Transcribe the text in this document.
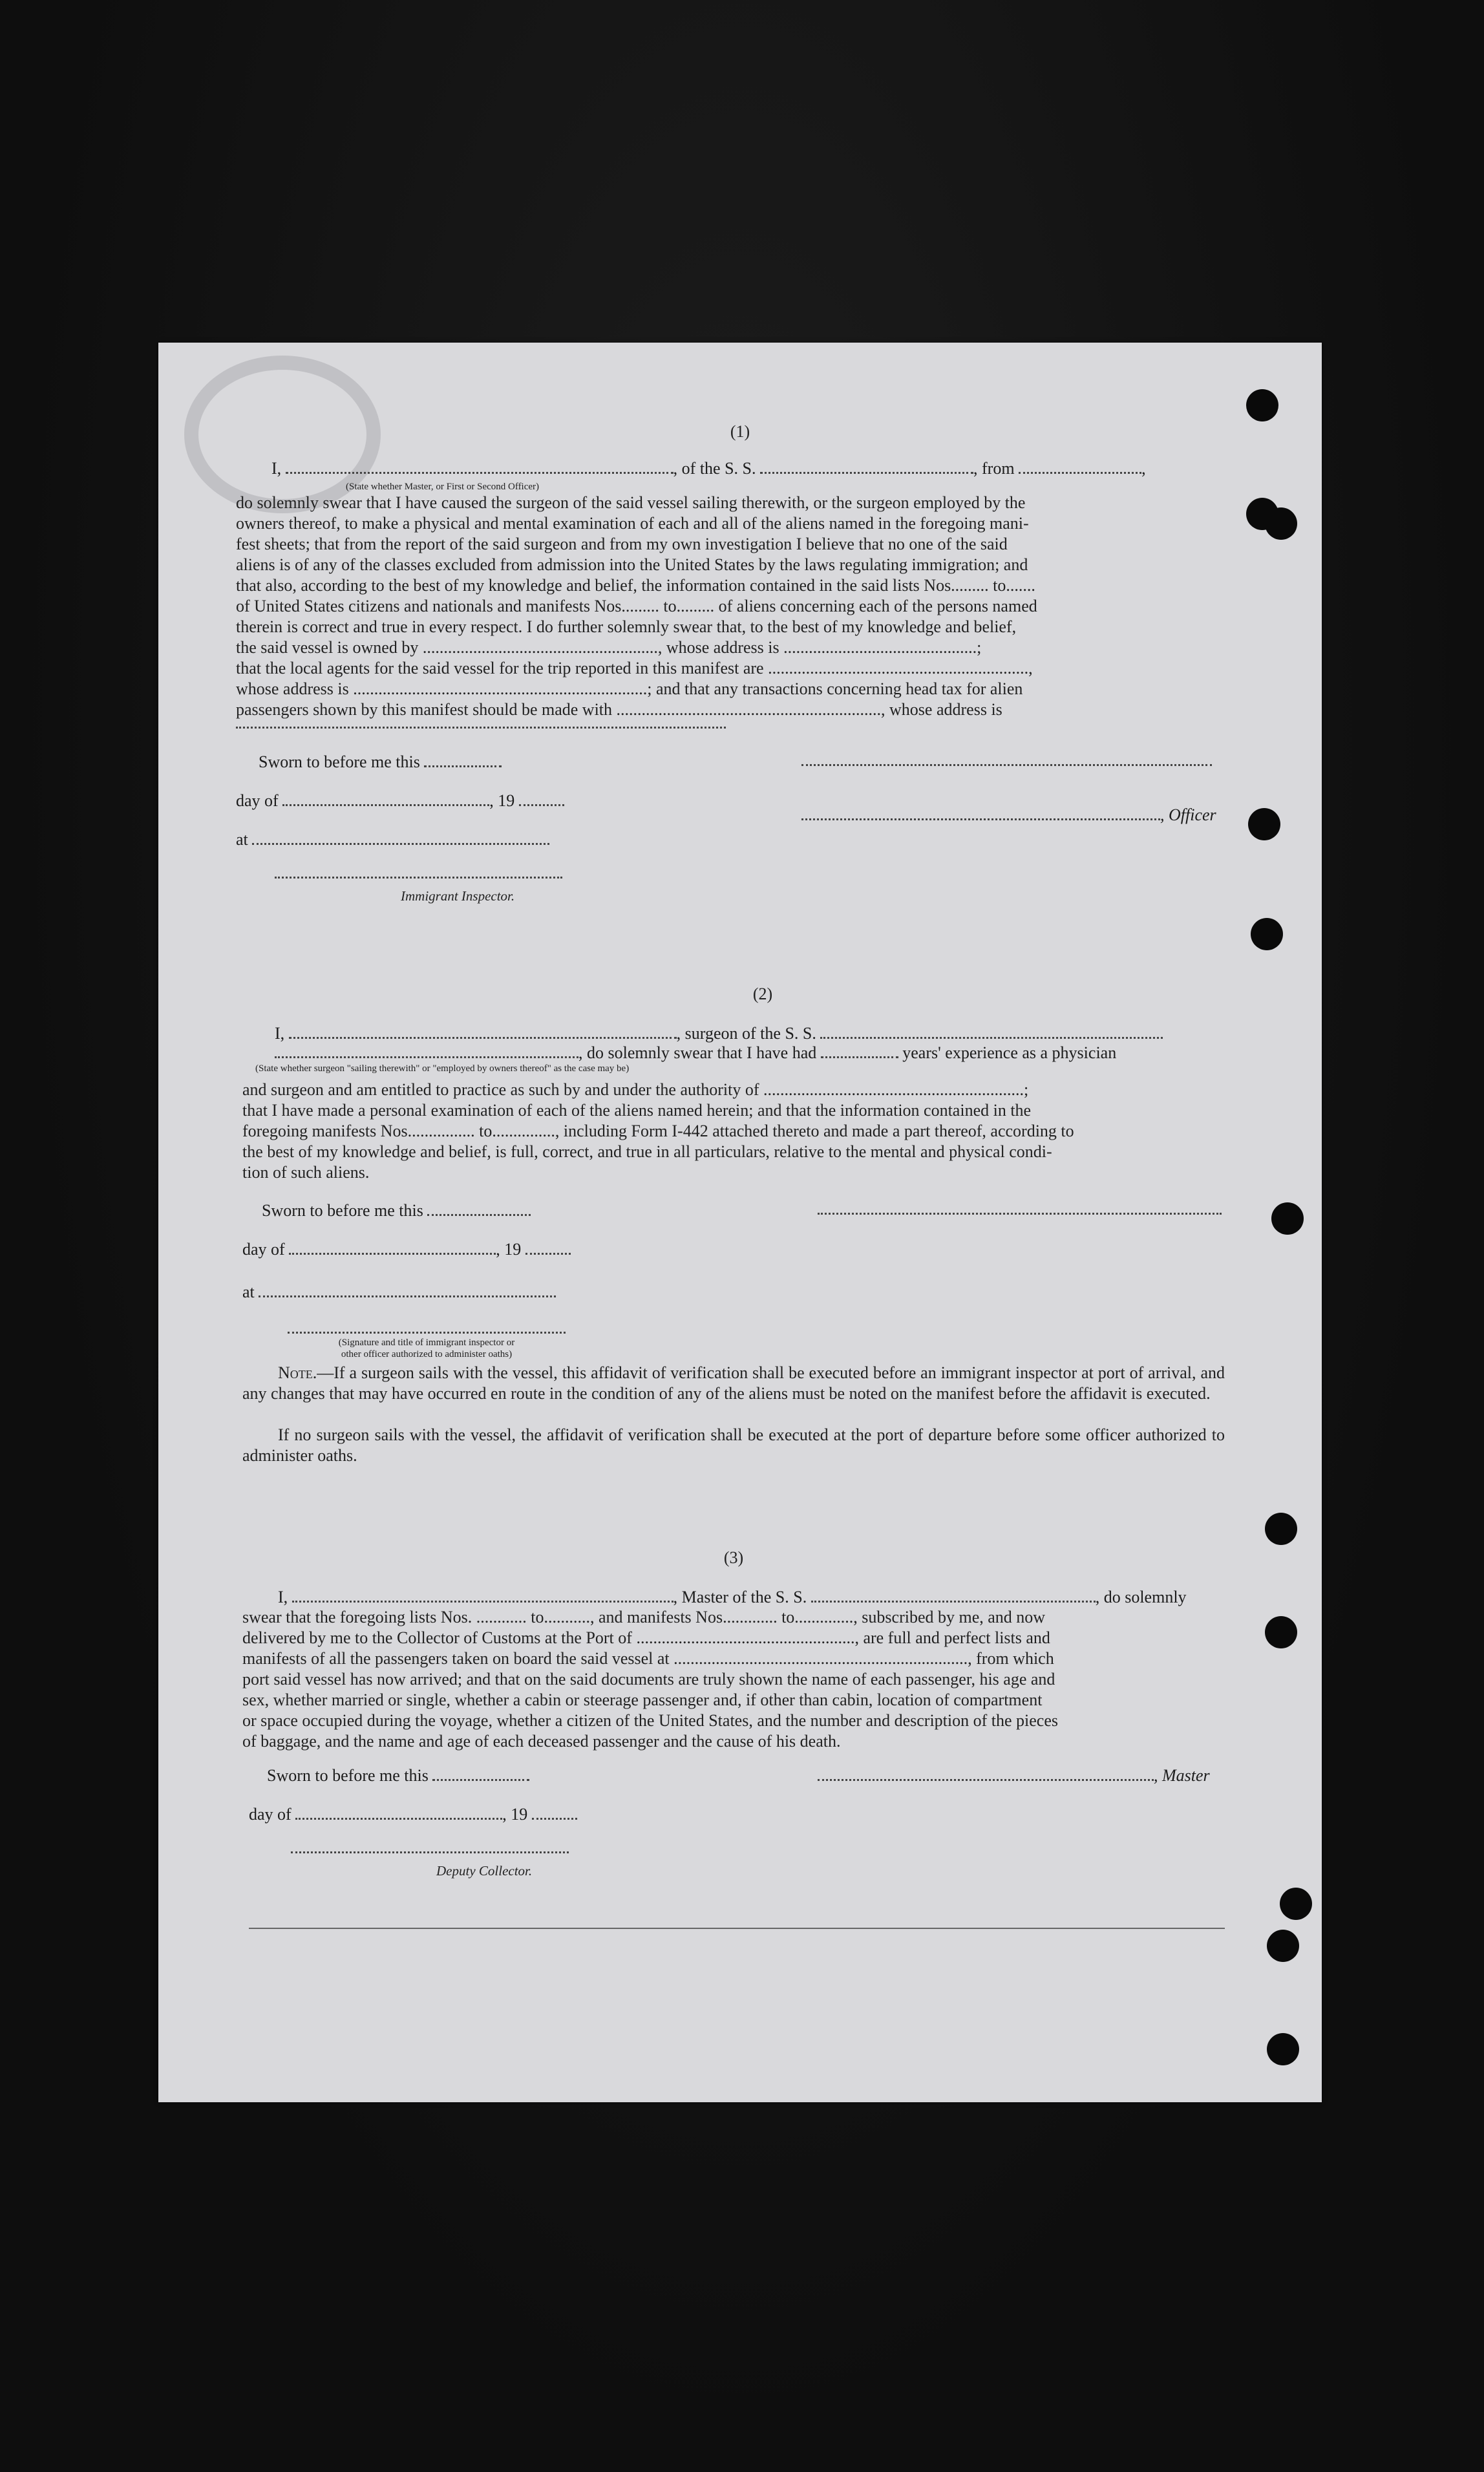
(1)
I,	, of the S. S.	, from	,
(State whether Master, or First or Second Officer)
do solemnly swear that I have caused the surgeon of the said vessel sailing therewith, or the surgeon employed by the
owners thereof, to make a physical and mental examination of each and all of the aliens named in the foregoing mani-
fest sheets; that from the report of the said surgeon and from my own investigation I believe that no one of the said
aliens is of any of the classes excluded from admission into the United States by the laws regulating immigration; and
that also, according to the best of my knowledge and belief, the information contained in the said lists Nos......... to.......
of United States citizens and nationals and manifests Nos......... to......... of aliens concerning each of the persons named
therein is correct and true in every respect. I do further solemnly swear that, to the best of my knowledge and belief,
the said vessel is owned by ........................................................, whose address is ..............................................;
that the local agents for the said vessel for the trip reported in this manifest are ..............................................................,
whose address is ......................................................................; and that any transactions concerning head tax for alien
passengers shown by this manifest should be made with ..............................................................., whose address is
Sworn to before me this
day of	, 19
, Officer
at
Immigrant Inspector.
(2)
I,	, surgeon of the S. S.
, do solemnly swear that I have had	years' experience as a physician
(State whether surgeon "sailing therewith" or "employed by owners thereof" as the case may be)
and surgeon and am entitled to practice as such by and under the authority of ..............................................................;
that I have made a personal examination of each of the aliens named herein; and that the information contained in the
foregoing manifests Nos................ to..............., including Form I-442 attached thereto and made a part thereof, according to
the best of my knowledge and belief, is full, correct, and true in all particulars, relative to the mental and physical condi-
tion of such aliens.
Sworn to before me this
day of	, 19
at
(Signature and title of immigrant inspector or
other officer authorized to administer oaths)
Note.—If a surgeon sails with the vessel, this affidavit of verification shall be executed before an immigrant inspector at port of arrival, and any changes that may have occurred en route in the condition of any of the aliens must be noted on the manifest before the affidavit is executed.
If no surgeon sails with the vessel, the affidavit of verification shall be executed at the port of departure before some officer authorized to administer oaths.
(3)
I,	, Master of the S. S.	, do solemnly
swear that the foregoing lists Nos. ............ to..........., and manifests Nos............. to.............., subscribed by me, and now
delivered by me to the Collector of Customs at the Port of ...................................................., are full and perfect lists and
manifests of all the passengers taken on board the said vessel at ......................................................................, from which
port said vessel has now arrived; and that on the said documents are truly shown the name of each passenger, his age and
sex, whether married or single, whether a cabin or steerage passenger and, if other than cabin, location of compartment
or space occupied during the voyage, whether a citizen of the United States, and the number and description of the pieces
of baggage, and the name and age of each deceased passenger and the cause of his death.
Sworn to before me this	, Master
day of	, 19
Deputy Collector.
